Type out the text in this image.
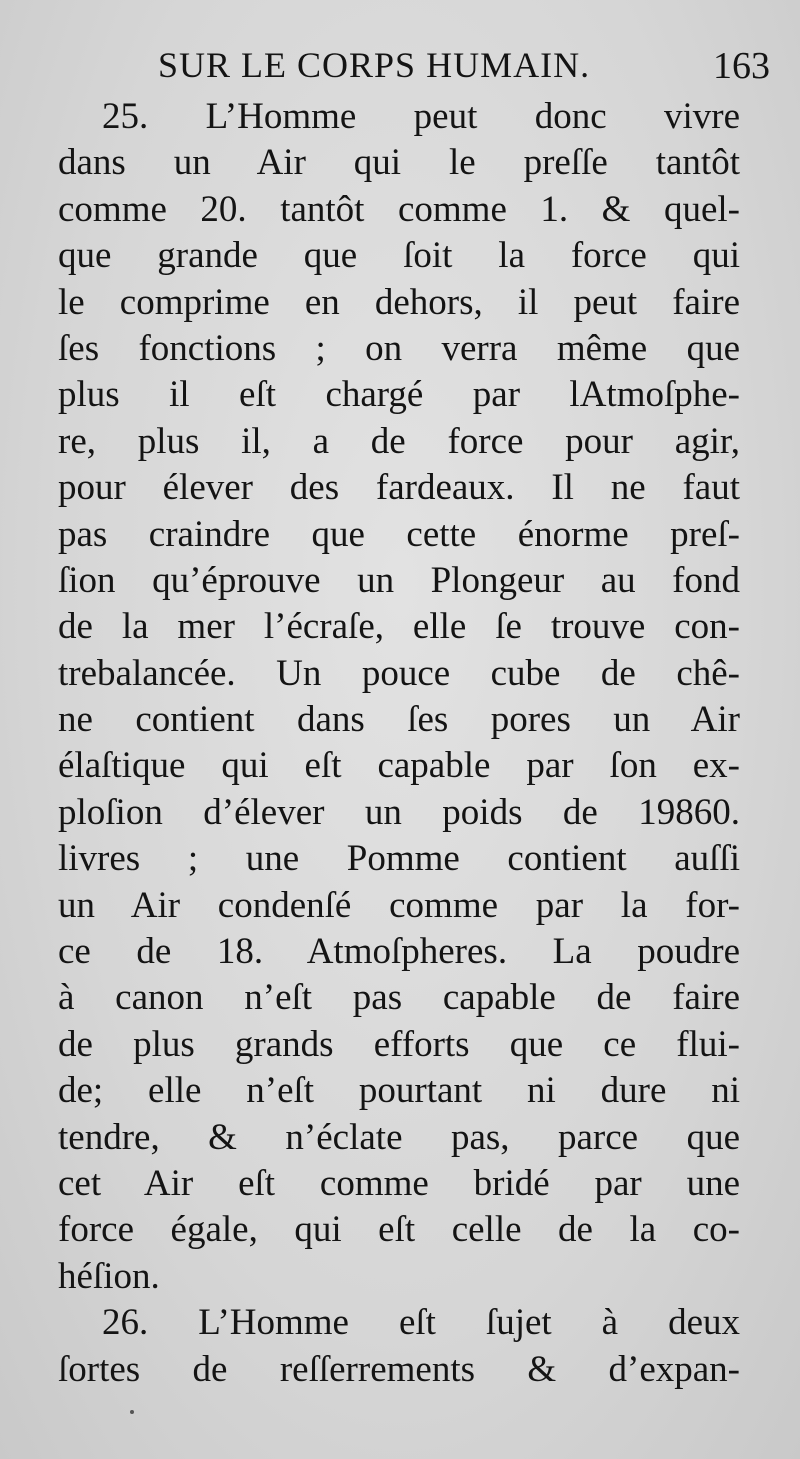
SUR LE CORPS HUMAIN.	163
25. L’Homme peut donc vivre
dans un Air qui le preſſe tantôt
comme 20. tantôt comme 1. & quel-
que grande que ſoit la force qui
le comprime en dehors, il peut faire
ſes fonctions ; on verra même que
plus il eſt chargé par lAtmoſphe-
re, plus il, a de force pour agir,
pour élever des fardeaux. Il ne faut
pas craindre que cette énorme preſ-
ſion qu’éprouve un Plongeur au fond
de la mer l’écraſe, elle ſe trouve con-
trebalancée. Un pouce cube de chê-
ne contient dans ſes pores un Air
élaſtique qui eſt capable par ſon ex-
ploſion d’élever un poids de 19860.
livres ; une Pomme contient auſſi
un Air condenſé comme par la for-
ce de 18. Atmoſpheres. La poudre
à canon n’eſt pas capable de faire
de plus grands efforts que ce flui-
de; elle n’eſt pourtant ni dure ni
tendre, & n’éclate pas, parce que
cet Air eſt comme bridé par une
force égale, qui eſt celle de la co-
héſion.
26. L’Homme eſt ſujet à deux
ſortes de reſſerrements & d’expan-
